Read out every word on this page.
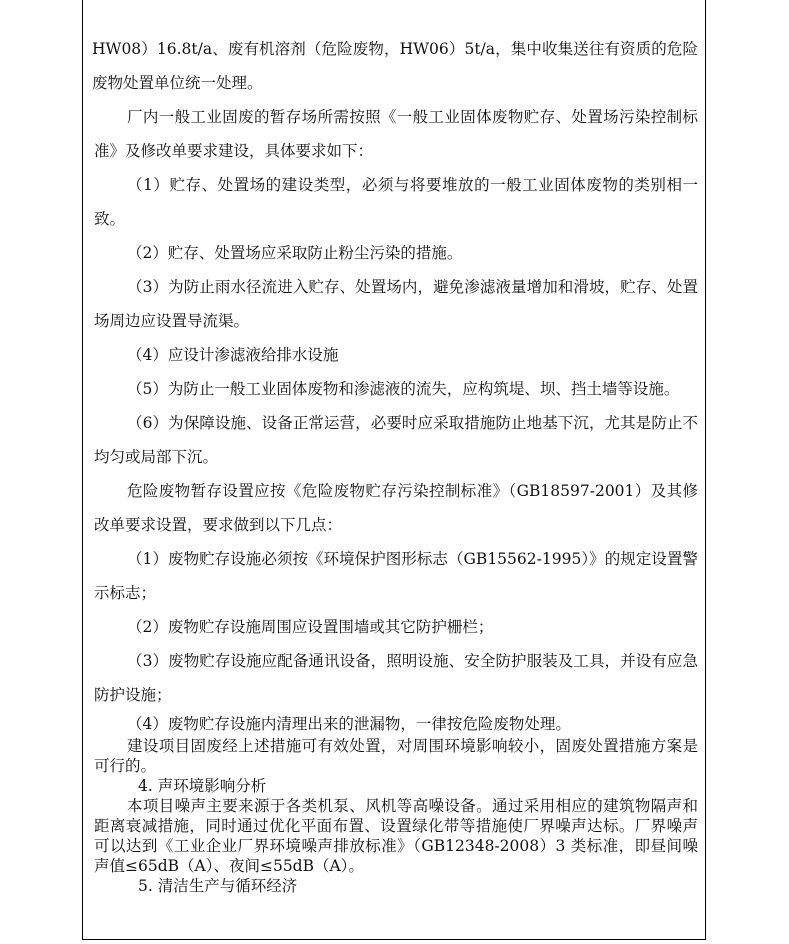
HW08）16.8t/a、废有机溶剂（危险废物，HW06）5t/a，集中收集送往有资质的危险废物处置单位统一处理。

厂内一般工业固废的暂存场所需按照《一般工业固体废物贮存、处置场污染控制标准》及修改单要求建设，具体要求如下：

（1）贮存、处置场的建设类型，必须与将要堆放的一般工业固体废物的类别相一致。

（2）贮存、处置场应采取防止粉尘污染的措施。

（3）为防止雨水径流进入贮存、处置场内，避免渗滤液量增加和滑坡，贮存、处置场周边应设置导流渠。

（4）应设计渗滤液给排水设施

（5）为防止一般工业固体废物和渗滤液的流失，应构筑堤、坝、挡土墙等设施。

（6）为保障设施、设备正常运营，必要时应采取措施防止地基下沉，尤其是防止不均匀或局部下沉。

危险废物暂存设置应按《危险废物贮存污染控制标准》（GB18597-2001）及其修改单要求设置，要求做到以下几点：

（1）废物贮存设施必须按《环境保护图形标志（GB15562-1995）》的规定设置警示标志；

（2）废物贮存设施周围应设置围墙或其它防护栅栏；

（3）废物贮存设施应配备通讯设备，照明设施、安全防护服装及工具，并设有应急防护设施；

（4）废物贮存设施内清理出来的泄漏物，一律按危险废物处理。

建设项目固废经上述措施可有效处置，对周围环境影响较小，固废处置措施方案是可行的。

4. 声环境影响分析

本项目噪声主要来源于各类机泵、风机等高噪设备。通过采用相应的建筑物隔声和距离衰减措施，同时通过优化平面布置、设置绿化带等措施使厂界噪声达标。厂界噪声可以达到《工业企业厂界环境噪声排放标准》（GB12348-2008）3 类标准，即昼间噪声值≤65dB（A）、夜间≤55dB（A）。

5. 清洁生产与循环经济
